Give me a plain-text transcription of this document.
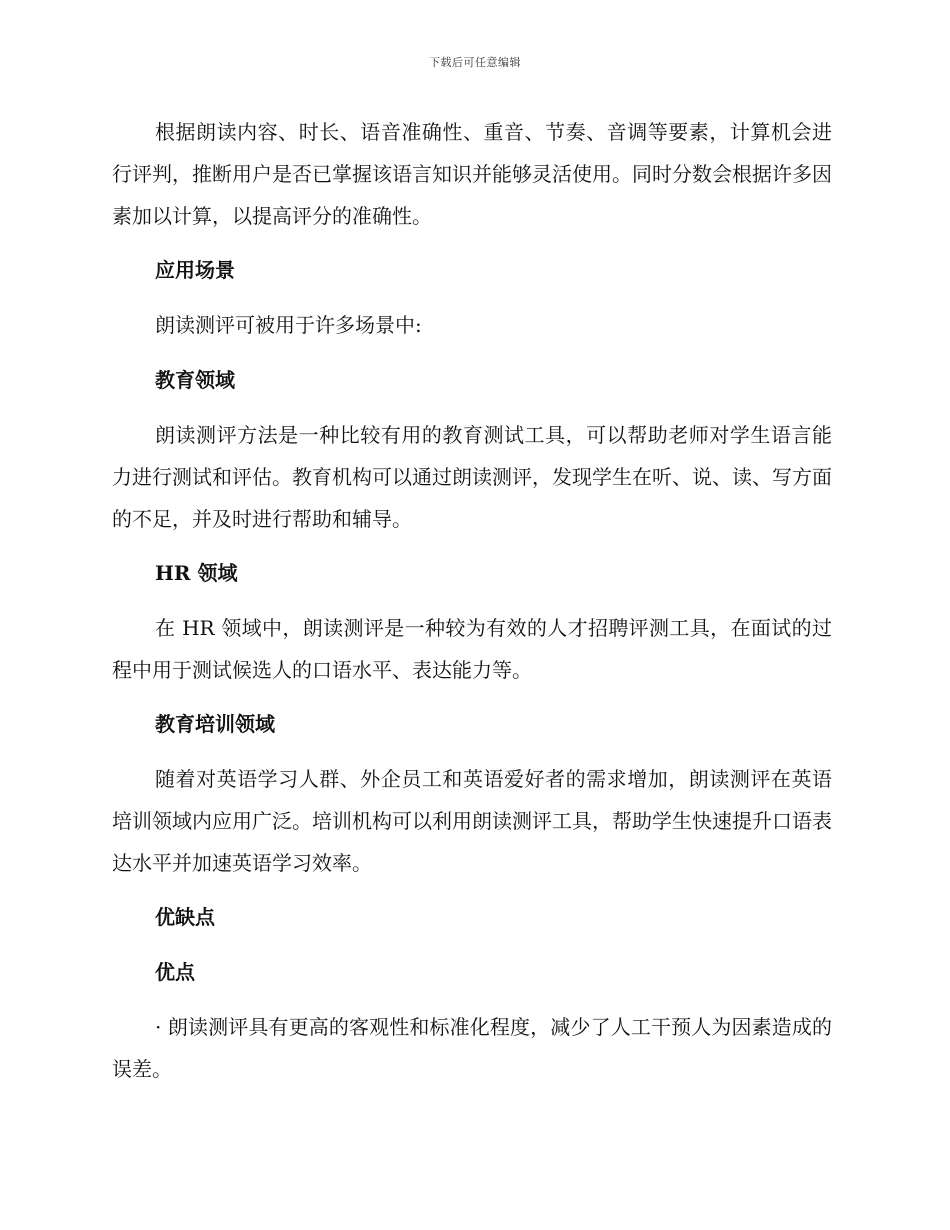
下载后可任意编辑

根据朗读内容、时长、语音准确性、重音、节奏、音调等要素，计算机会进行评判，推断用户是否已掌握该语言知识并能够灵活使用。同时分数会根据许多因素加以计算，以提高评分的准确性。

应用场景

朗读测评可被用于许多场景中:

教育领域

朗读测评方法是一种比较有用的教育测试工具，可以帮助老师对学生语言能力进行测试和评估。教育机构可以通过朗读测评，发现学生在听、说、读、写方面的不足，并及时进行帮助和辅导。

HR 领域

在 HR 领域中，朗读测评是一种较为有效的人才招聘评测工具，在面试的过程中用于测试候选人的口语水平、表达能力等。

教育培训领域

随着对英语学习人群、外企员工和英语爱好者的需求增加，朗读测评在英语培训领域内应用广泛。培训机构可以利用朗读测评工具，帮助学生快速提升口语表达水平并加速英语学习效率。

优缺点

优点

· 朗读测评具有更高的客观性和标准化程度，减少了人工干预人为因素造成的误差。
